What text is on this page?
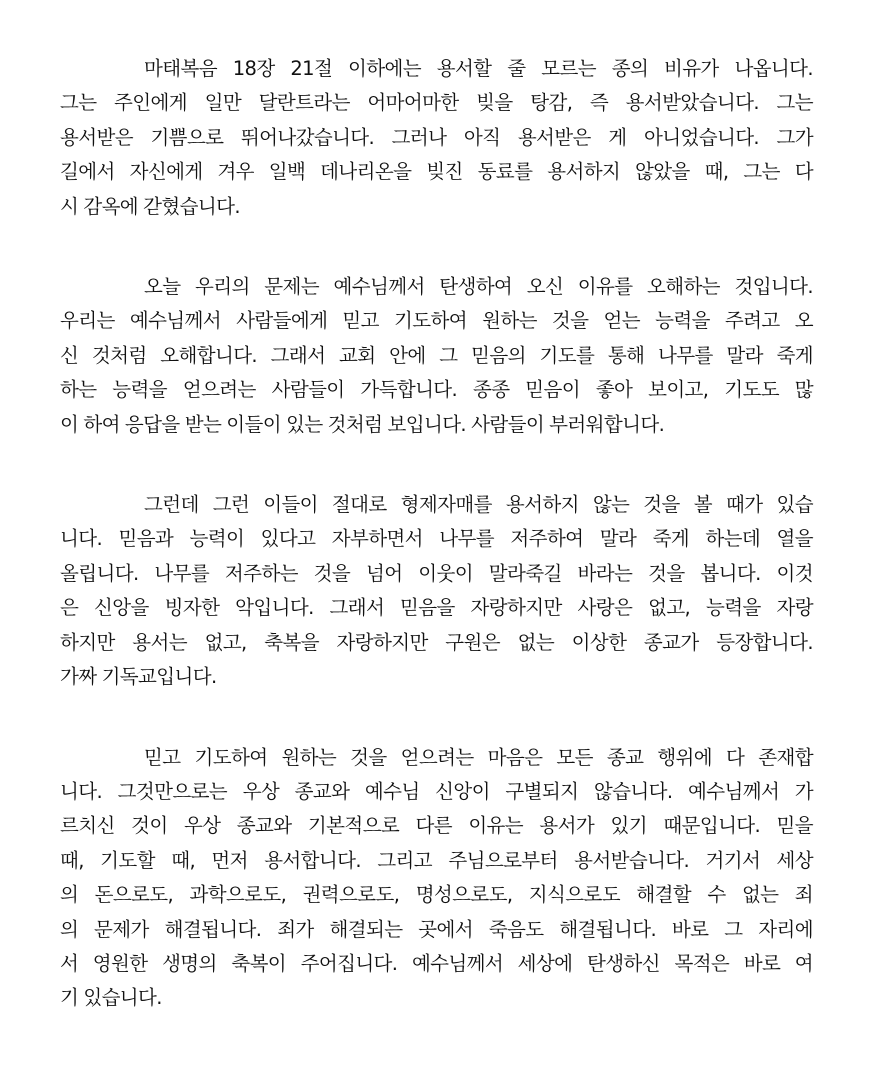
마태복음 18장 21절 이하에는 용서할 줄 모르는 종의 비유가 나옵니다.
그는 주인에게 일만 달란트라는 어마어마한 빚을 탕감, 즉 용서받았습니다. 그는
용서받은 기쁨으로 뛰어나갔습니다. 그러나 아직 용서받은 게 아니었습니다. 그가
길에서 자신에게 겨우 일백 데나리온을 빚진 동료를 용서하지 않았을 때, 그는 다
시 감옥에 갇혔습니다.

오늘 우리의 문제는 예수님께서 탄생하여 오신 이유를 오해하는 것입니다.
우리는 예수님께서 사람들에게 믿고 기도하여 원하는 것을 얻는 능력을 주려고 오
신 것처럼 오해합니다. 그래서 교회 안에 그 믿음의 기도를 통해 나무를 말라 죽게
하는 능력을 얻으려는 사람들이 가득합니다. 종종 믿음이 좋아 보이고, 기도도 많
이 하여 응답을 받는 이들이 있는 것처럼 보입니다. 사람들이 부러워합니다.

그런데 그런 이들이 절대로 형제자매를 용서하지 않는 것을 볼 때가 있습
니다. 믿음과 능력이 있다고 자부하면서 나무를 저주하여 말라 죽게 하는데 열을
올립니다. 나무를 저주하는 것을 넘어 이웃이 말라죽길 바라는 것을 봅니다. 이것
은 신앙을 빙자한 악입니다. 그래서 믿음을 자랑하지만 사랑은 없고, 능력을 자랑
하지만 용서는 없고, 축복을 자랑하지만 구원은 없는 이상한 종교가 등장합니다.
가짜 기독교입니다.

믿고 기도하여 원하는 것을 얻으려는 마음은 모든 종교 행위에 다 존재합
니다. 그것만으로는 우상 종교와 예수님 신앙이 구별되지 않습니다. 예수님께서 가
르치신 것이 우상 종교와 기본적으로 다른 이유는 용서가 있기 때문입니다. 믿을
때, 기도할 때, 먼저 용서합니다. 그리고 주님으로부터 용서받습니다. 거기서 세상
의 돈으로도, 과학으로도, 권력으로도, 명성으로도, 지식으로도 해결할 수 없는 죄
의 문제가 해결됩니다. 죄가 해결되는 곳에서 죽음도 해결됩니다. 바로 그 자리에
서 영원한 생명의 축복이 주어집니다. 예수님께서 세상에 탄생하신 목적은 바로 여
기 있습니다.
